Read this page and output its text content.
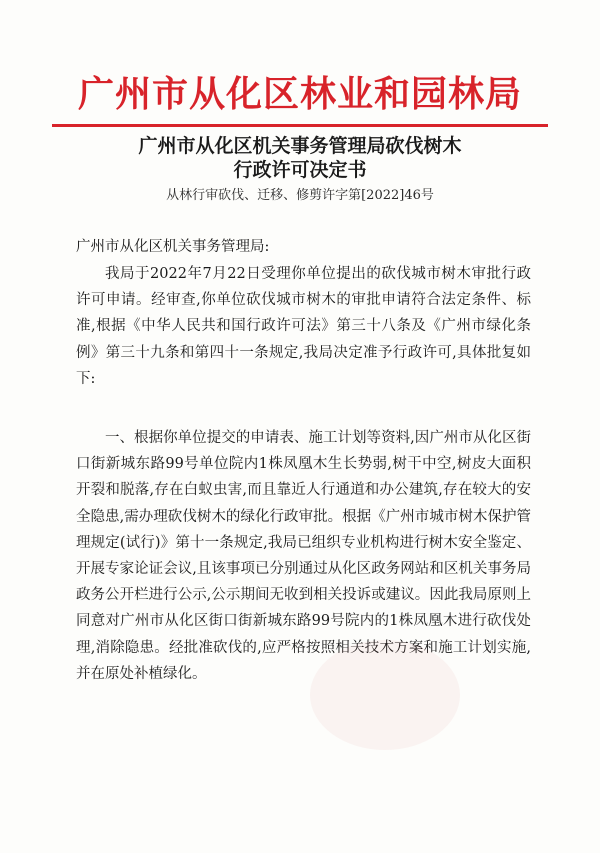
广州市从化区林业和园林局
广州市从化区机关事务管理局砍伐树木
行政许可决定书
从林行审砍伐、迁移、修剪许字第[2022]46号
广州市从化区机关事务管理局:
我局于2022年7月22日受理你单位提出的砍伐城市树木审批行政许可申请。经审查,你单位砍伐城市树木的审批申请符合法定条件、标准,根据《中华人民共和国行政许可法》第三十八条及《广州市绿化条例》第三十九条和第四十一条规定,我局决定准予行政许可,具体批复如下:
一、根据你单位提交的申请表、施工计划等资料,因广州市从化区街口街新城东路99号单位院内1株凤凰木生长势弱,树干中空,树皮大面积开裂和脱落,存在白蚁虫害,而且靠近人行通道和办公建筑,存在较大的安全隐患,需办理砍伐树木的绿化行政审批。根据《广州市城市树木保护管理规定(试行)》第十一条规定,我局已组织专业机构进行树木安全鉴定、开展专家论证会议,且该事项已分别通过从化区政务网站和区机关事务局政务公开栏进行公示,公示期间无收到相关投诉或建议。因此我局原则上同意对广州市从化区街口街新城东路99号院内的1株凤凰木进行砍伐处理,消除隐患。经批准砍伐的,应严格按照相关技术方案和施工计划实施,并在原处补植绿化。
